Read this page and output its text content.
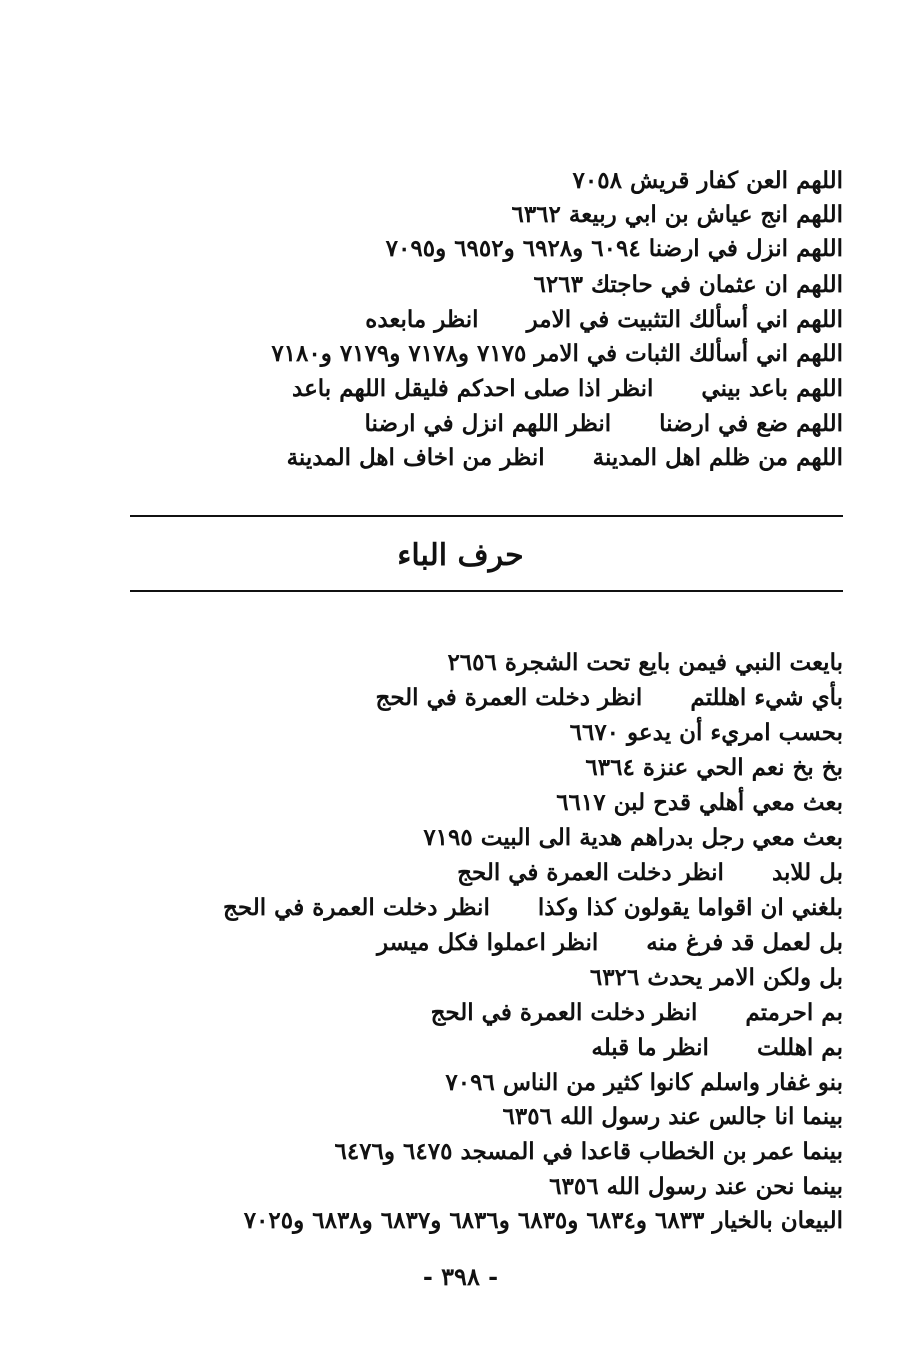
اللهم العن كفار قريش ٧٠٥٨
اللهم انج عياش بن ابي ربيعة ٦٣٦٢
اللهم انزل في ارضنا ٦٠٩٤ و٦٩٢٨ و٦٩٥٢ و٧٠٩٥
اللهم ان عثمان في حاجتك ٦٢٦٣
اللهم اني أسألك التثبيت في الامرانظر مابعده
اللهم اني أسألك الثبات في الامر ٧١٧٥ و٧١٧٨ و٧١٧٩ و٧١٨٠
اللهم باعد بينيانظر اذا صلى احدكم فليقل اللهم باعد
اللهم ضع في ارضناانظر اللهم انزل في ارضنا
اللهم من ظلم اهل المدينةانظر من اخاف اهل المدينة
حرف الباء
بايعت النبي فيمن بايع تحت الشجرة ٢٦٥٦
بأي شيء اهللتمانظر دخلت العمرة في الحج
بحسب امريء أن يدعو ٦٦٧٠
بخ بخ نعم الحي عنزة ٦٣٦٤
بعث معي أهلي قدح لبن ٦٦١٧
بعث معي رجل بدراهم هدية الى البيت ٧١٩٥
بل للابدانظر دخلت العمرة في الحج
بلغني ان اقواما يقولون كذا وكذاانظر دخلت العمرة في الحج
بل لعمل قد فرغ منهانظر اعملوا فكل ميسر
بل ولكن الامر يحدث ٦٣٢٦
بم احرمتمانظر دخلت العمرة في الحج
بم اهللتانظر ما قبله
بنو غفار واسلم كانوا كثير من الناس ٧٠٩٦
بينما انا جالس عند رسول الله ٦٣٥٦
بينما عمر بن الخطاب قاعدا في المسجد ٦٤٧٥ و٦٤٧٦
بينما نحن عند رسول الله ٦٣٥٦
البيعان بالخيار ٦٨٣٣ و٦٨٣٤ و٦٨٣٥ و٦٨٣٦ و٦٨٣٧ و٦٨٣٨ و٧٠٢٥
- ٣٩٨ -
